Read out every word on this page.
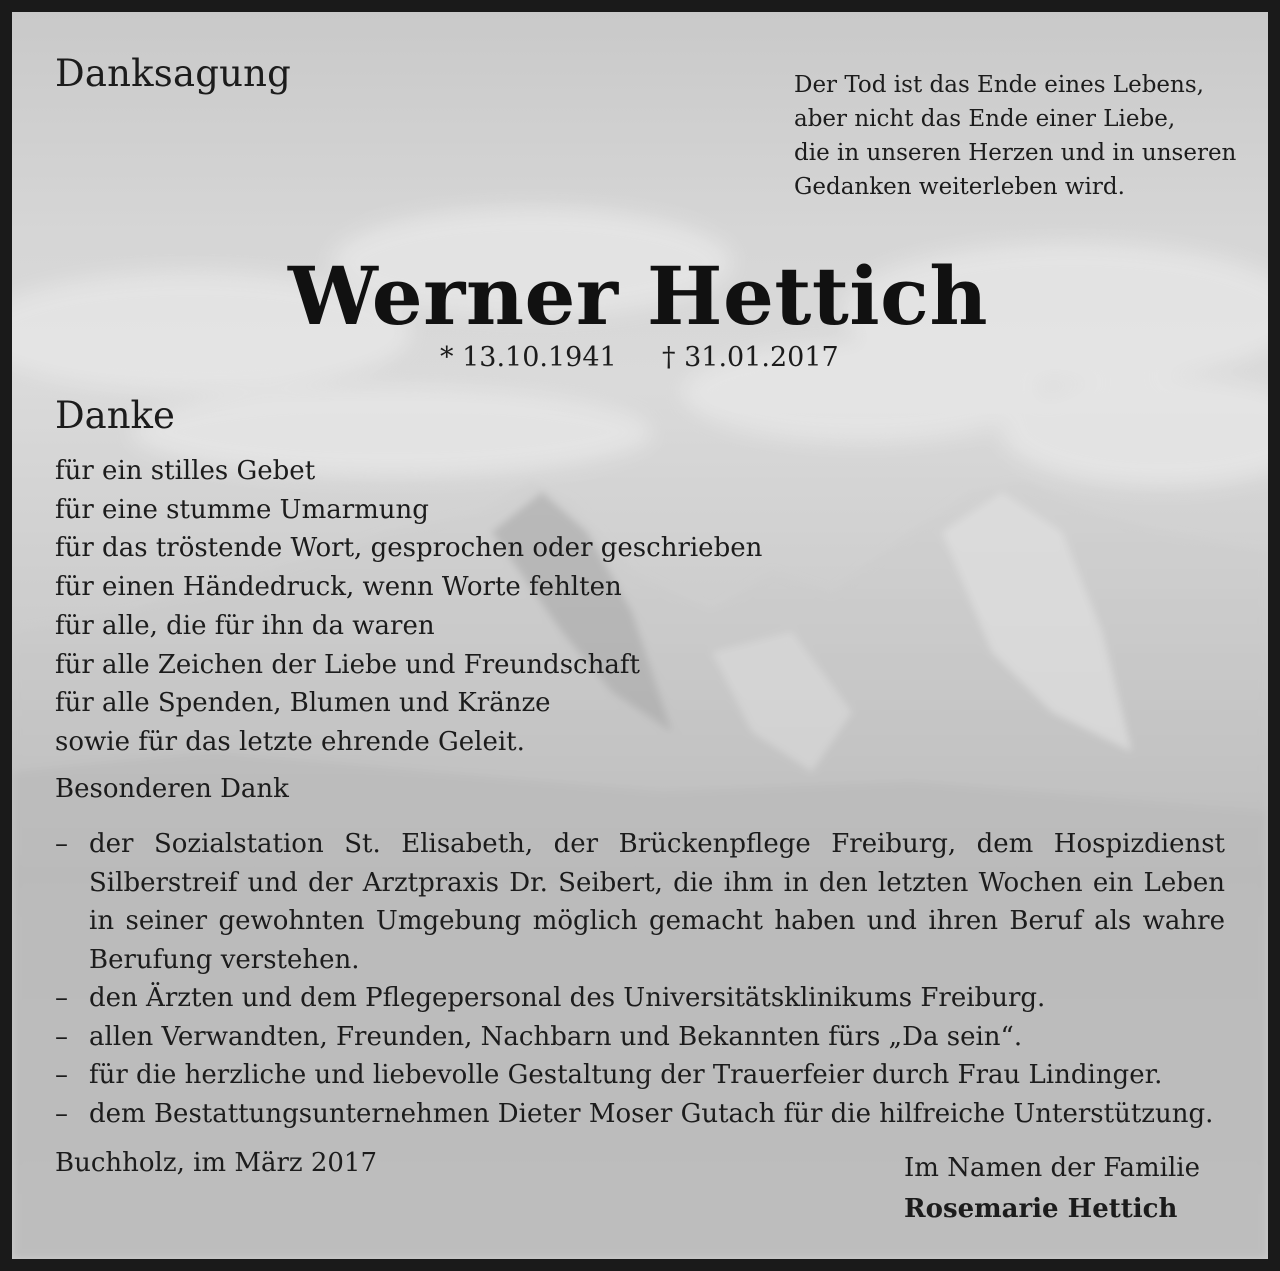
Danksagung	Der Tod ist das Ende eines Lebens,
aber nicht das Ende einer Liebe,
die in unseren Herzen und in unseren
Gedanken weiterleben wird.
Werner Hettich
* 13.10.1941 † 31.01.2017
Danke
für ein stilles Gebet
für eine stumme Umarmung
für das tröstende Wort, gesprochen oder geschrieben
für einen Händedruck, wenn Worte fehlten
für alle, die für ihn da waren
für alle Zeichen der Liebe und Freundschaft
für alle Spenden, Blumen und Kränze
sowie für das letzte ehrende Geleit.
Besonderen Dank
– der Sozialstation St. Elisabeth, der Brückenpflege Freiburg, dem Hospizdienst Silberstreif und der Arztpraxis Dr. Seibert, die ihm in den letzten Wochen ein Leben in seiner gewohnten Umgebung möglich gemacht haben und ihren Beruf als wahre Berufung verstehen.
– den Ärzten und dem Pflegepersonal des Universitätsklinikums Freiburg.
– allen Verwandten, Freunden, Nachbarn und Bekannten fürs „Da sein“.
– für die herzliche und liebevolle Gestaltung der Trauerfeier durch Frau Lindinger.
– dem Bestattungsunternehmen Dieter Moser Gutach für die hilfreiche Unterstützung.
Buchholz, im März 2017	Im Namen der Familie
Rosemarie Hettich
